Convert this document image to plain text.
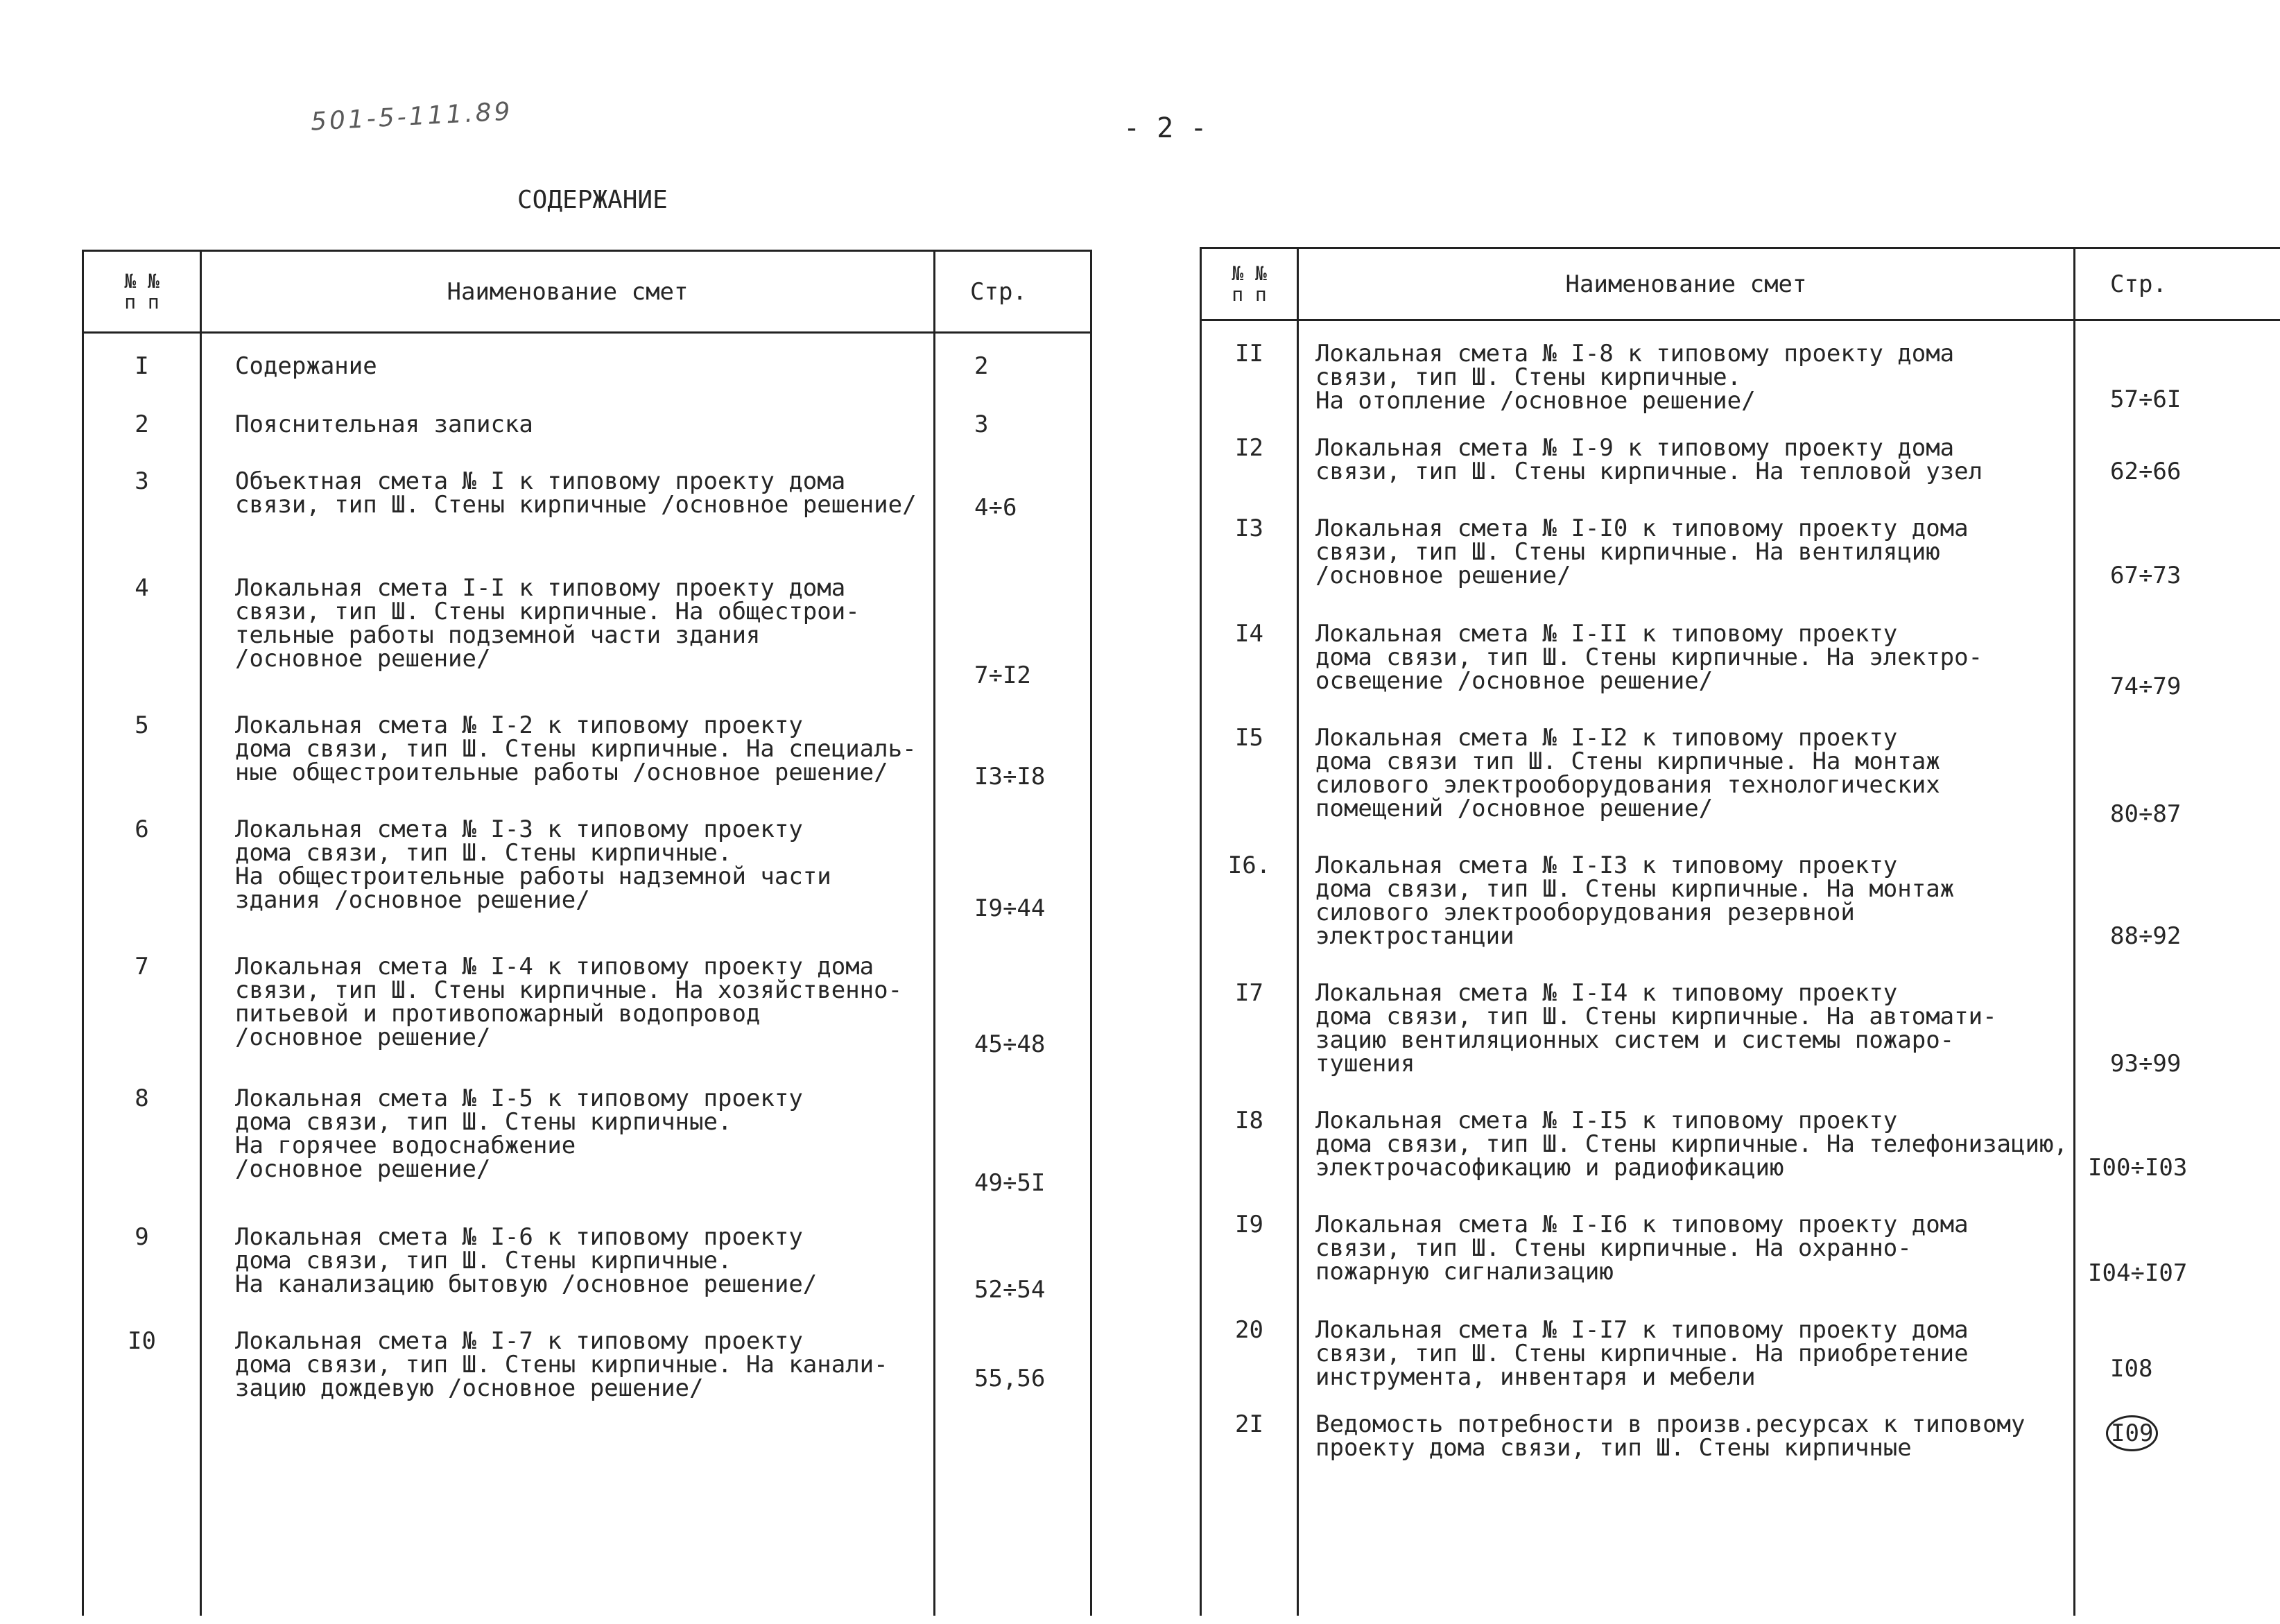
501-5-111.89	- 2 -
СОДЕРЖАНИЕ
№ №
п п	Наименование смет	Стр.

I	Содержание	2
2	Пояснительная записка	3
3	Объектная смета № I к типовому проекту дома
связи, тип Ш. Стены кирпичные /основное решение/	4÷6
4	Локальная смета I-I к типовому проекту дома
связи, тип Ш. Стены кирпичные. На общестрои-
тельные работы подземной части здания
/основное решение/	7÷I2
5	Локальная смета № I-2 к типовому проекту
дома связи, тип Ш. Стены кирпичные. На специаль-
ные общестроительные работы /основное решение/	I3÷I8
6	Локальная смета № I-3 к типовому проекту
дома связи, тип Ш. Стены кирпичные.
На общестроительные работы надземной части
здания /основное решение/	I9÷44
7	Локальная смета № I-4 к типовому проекту дома
связи, тип Ш. Стены кирпичные. На хозяйственно-
питьевой и противопожарный водопровод
/основное решение/	45÷48
8	Локальная смета № I-5 к типовому проекту
дома связи, тип Ш. Стены кирпичные.
На горячее водоснабжение
/основное решение/	49÷5I
9	Локальная смета № I-6 к типовому проекту
дома связи, тип Ш. Стены кирпичные.
На канализацию бытовую /основное решение/	52÷54
I0	Локальная смета № I-7 к типовому проекту
дома связи, тип Ш. Стены кирпичные. На канали-
зацию дождевую /основное решение/	55,56

№ №
п п	Наименование смет	Стр.

II	Локальная смета № I-8 к типовому проекту дома
связи, тип Ш. Стены кирпичные.
На отопление /основное решение/	57÷6I
I2	Локальная смета № I-9 к типовому проекту дома
связи, тип Ш. Стены кирпичные. На тепловой узел	62÷66
I3	Локальная смета № I-I0 к типовому проекту дома
связи, тип Ш. Стены кирпичные. На вентиляцию
/основное решение/	67÷73
I4	Локальная смета № I-II к типовому проекту
дома связи, тип Ш. Стены кирпичные. На электро-
освещение /основное решение/	74÷79
I5	Локальная смета № I-I2 к типовому проекту
дома связи тип Ш. Стены кирпичные. На монтаж
силового электрооборудования технологических
помещений /основное решение/	80÷87
I6.	Локальная смета № I-I3 к типовому проекту
дома связи, тип Ш. Стены кирпичные. На монтаж
силового электрооборудования резервной
электростанции	88÷92
I7	Локальная смета № I-I4 к типовому проекту
дома связи, тип Ш. Стены кирпичные. На автомати-
зацию вентиляционных систем и системы пожаро-
тушения	93÷99
I8	Локальная смета № I-I5 к типовому проекту
дома связи, тип Ш. Стены кирпичные. На телефонизацию,
электрочасофикацию и радиофикацию	I00÷I03
I9	Локальная смета № I-I6 к типовому проекту дома
связи, тип Ш. Стены кирпичные. На охранно-
пожарную сигнализацию	I04÷I07
20	Локальная смета № I-I7 к типовому проекту дома
связи, тип Ш. Стены кирпичные. На приобретение
инструмента, инвентаря и мебели	I08
2I	Ведомость потребности в произв.ресурсах к типовому
проекту дома связи, тип Ш. Стены кирпичные	I09
